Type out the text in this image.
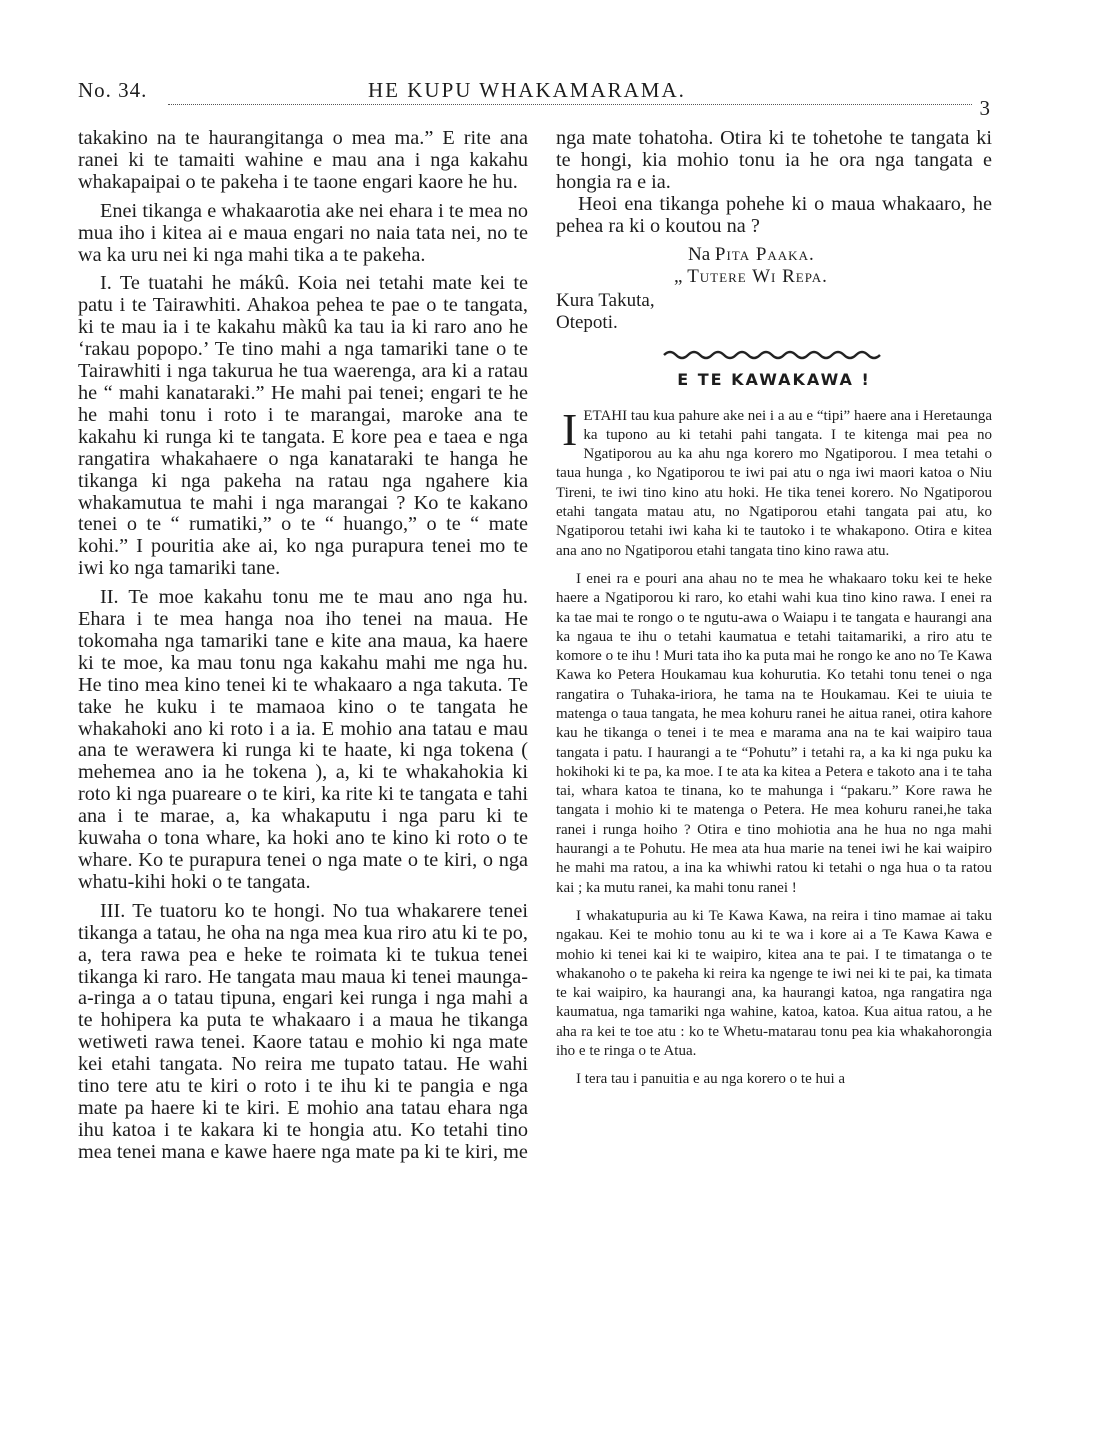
No. 34.	HE KUPU WHAKAMARAMA.
3

takakino na te haurangitanga o mea ma.” E rite ana ranei ki te tamaiti wahine e mau ana i nga kakahu whakapaipai o te pakeha i te taone engari kaore he hu.

Enei tikanga e whakaarotia ake nei ehara i te mea no mua iho i kitea ai e maua engari no naia tata nei, no te wa ka uru nei ki nga mahi tika a te pakeha.

I. Te tuatahi he mákû. Koia nei tetahi mate kei te patu i te Tairawhiti. Ahakoa pehea te pae o te tangata, ki te mau ia i te kakahu màkû ka tau ia ki raro ano he ‘rakau popopo.’ Te tino mahi a nga tamariki tane o te Tairawhiti i nga takurua he tua waerenga, ara ki a ratau he “ mahi kanataraki.” He mahi pai tenei; engari te he he mahi tonu i roto i te marangai, maroke ana te kakahu ki runga ki te tangata. E kore pea e taea e nga rangatira whakahaere o nga kanataraki te hanga he tikanga ki nga pakeha na ratau nga ngahere kia whakamutua te mahi i nga marangai ? Ko te kakano tenei o te “ rumatiki,” o te “ huango,” o te “ mate kohi.” I pouritia ake ai, ko nga purapura tenei mo te iwi ko nga tamariki tane.

II. Te moe kakahu tonu me te mau ano nga hu. Ehara i te mea hanga noa iho tenei na maua. He tokomaha nga tamariki tane e kite ana maua, ka haere ki te moe, ka mau tonu nga kakahu mahi me nga hu. He tino mea kino tenei ki te whakaaro a nga takuta. Te take he kuku i te mamaoa kino o te tangata he whakahoki ano ki roto i a ia. E mohio ana tatau e mau ana te werawera ki runga ki te haate, ki nga tokena ( mehemea ano ia he tokena ), a, ki te whakahokia ki roto ki nga puareare o te kiri, ka rite ki te tangata e tahi ana i te marae, a, ka whakaputu i nga paru ki te kuwaha o tona whare, ka hoki ano te kino ki roto o te whare. Ko te purapura tenei o nga mate o te kiri, o nga whatu-kihi hoki o te tangata.

III. Te tuatoru ko te hongi. No tua whakarere tenei tikanga a tatau, he oha na nga mea kua riro atu ki te po, a, tera rawa pea e heke te roimata ki te tukua tenei tikanga ki raro. He tangata mau maua ki tenei maunga-a-ringa a o tatau tipuna, engari kei runga i nga mahi a te hohipera ka puta te whakaaro i a maua he tikanga wetiweti rawa tenei. Kaore tatau e mohio ki nga mate kei etahi tangata. No reira me tupato tatau. He wahi tino tere atu te kiri o roto i te ihu ki te pangia e nga mate pa haere ki te kiri. E mohio ana tatau ehara nga ihu katoa i te kakara ki te hongia atu. Ko tetahi tino mea tenei mana e kawe haere nga mate pa ki te kiri, me

nga mate tohatoha. Otira ki te tohetohe te tangata ki te hongi, kia mohio tonu ia he ora nga tangata e hongia ra e ia.

Heoi ena tikanga pohehe ki o maua whakaaro, he pehea ra ki o koutou na ?

Na Pita Paaka.
„ Tutere Wi Repa.
Kura Takuta,
Otepoti.
E TE KAWAKAWA !

IETAHI tau kua pahure ake nei i a au e “tipi” haere ana i Heretaunga ka tupono au ki tetahi pahi tangata. I te kitenga mai pea no Ngatiporou au ka ahu nga korero mo Ngatiporou. I mea tetahi o taua hunga , ko Ngatiporou te iwi pai atu o nga iwi maori katoa o Niu Tireni, te iwi tino kino atu hoki. He tika tenei korero. No Ngatiporou etahi tangata matau atu, no Ngatiporou etahi tangata pai atu, ko Ngatiporou tetahi iwi kaha ki te tautoko i te whakapono. Otira e kitea ana ano no Ngatiporou etahi tangata tino kino rawa atu.

I enei ra e pouri ana ahau no te mea he whakaaro toku kei te heke haere a Ngatiporou ki raro, ko etahi wahi kua tino kino rawa. I enei ra ka tae mai te rongo o te ngutu-awa o Waiapu i te tangata e haurangi ana ka ngaua te ihu o tetahi kaumatua e tetahi taitamariki, a riro atu te komore o te ihu ! Muri tata iho ka puta mai he rongo ke ano no Te Kawa Kawa ko Petera Houkamau kua kohurutia. Ko tetahi tonu tenei o nga rangatira o Tuhaka-iriora, he tama na te Houkamau. Kei te uiuia te matenga o taua tangata, he mea kohuru ranei he aitua ranei, otira kahore kau he tikanga o tenei i te mea e marama ana na te kai waipiro taua tangata i patu. I haurangi a te “Pohutu” i tetahi ra, a ka ki nga puku ka hokihoki ki te pa, ka moe. I te ata ka kitea a Petera e takoto ana i te taha tai, whara katoa te tinana, ko te mahunga i “pakaru.” Kore rawa he tangata i mohio ki te matenga o Petera. He mea kohuru ranei,he taka ranei i runga hoiho ? Otira e tino mohiotia ana he hua no nga mahi haurangi a te Pohutu. He mea ata hua marie na tenei iwi he kai waipiro he mahi ma ratou, a ina ka whiwhi ratou ki tetahi o nga hua o ta ratou kai ; ka mutu ranei, ka mahi tonu ranei !

I whakatupuria au ki Te Kawa Kawa, na reira i tino mamae ai taku ngakau. Kei te mohio tonu au ki te wa i kore ai a Te Kawa Kawa e mohio ki tenei kai ki te waipiro, kitea ana te pai. I te timatanga o te whakanoho o te pakeha ki reira ka ngenge te iwi nei ki te pai, ka timata te kai waipiro, ka haurangi ana, ka haurangi katoa, nga rangatira nga kaumatua, nga tamariki nga wahine, katoa, katoa. Kua aitua ratou, a he aha ra kei te toe atu : ko te Whetu-matarau tonu pea kia whakahorongia iho e te ringa o te Atua.

I tera tau i panuitia e au nga korero o te hui a
